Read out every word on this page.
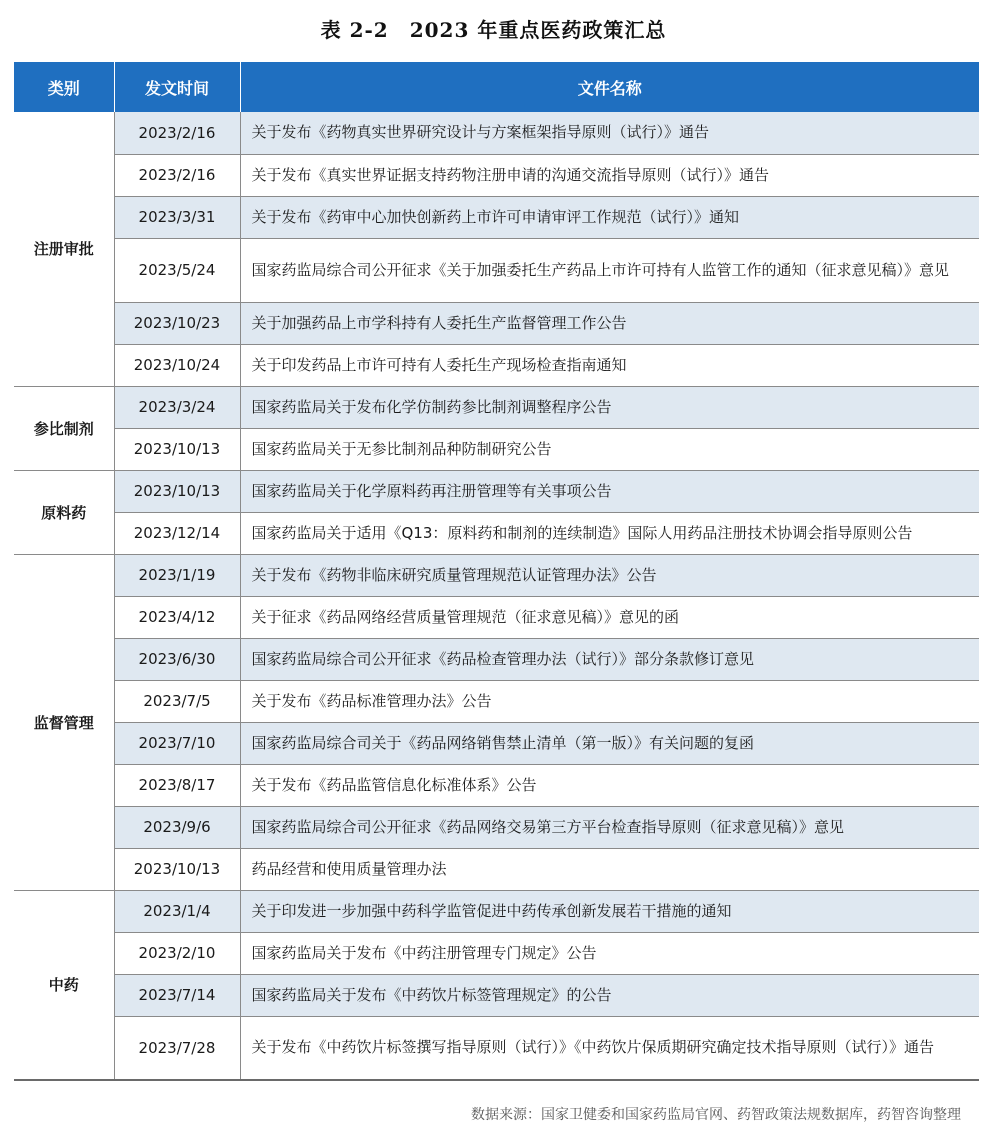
表 2-2　2023 年重点医药政策汇总
类别	发文时间	文件名称
注册审批	2023/2/16	关于发布《药物真实世界研究设计与方案框架指导原则（试行）》通告
	2023/2/16	关于发布《真实世界证据支持药物注册申请的沟通交流指导原则（试行）》通告
	2023/3/31	关于发布《药审中心加快创新药上市许可申请审评工作规范（试行）》通知
	2023/5/24	国家药监局综合司公开征求《关于加强委托生产药品上市许可持有人监管工作的通知（征求意见稿）》意见
	2023/10/23	关于加强药品上市学科持有人委托生产监督管理工作公告
	2023/10/24	关于印发药品上市许可持有人委托生产现场检查指南通知
参比制剂	2023/3/24	国家药监局关于发布化学仿制药参比制剂调整程序公告
	2023/10/13	国家药监局关于无参比制剂品种防制研究公告
原料药	2023/10/13	国家药监局关于化学原料药再注册管理等有关事项公告
	2023/12/14	国家药监局关于适用《Q13：原料药和制剂的连续制造》国际人用药品注册技术协调会指导原则公告
监督管理	2023/1/19	关于发布《药物非临床研究质量管理规范认证管理办法》公告
	2023/4/12	关于征求《药品网络经营质量管理规范（征求意见稿）》意见的函
	2023/6/30	国家药监局综合司公开征求《药品检查管理办法（试行）》部分条款修订意见
	2023/7/5	关于发布《药品标准管理办法》公告
	2023/7/10	国家药监局综合司关于《药品网络销售禁止清单（第一版）》有关问题的复函
	2023/8/17	关于发布《药品监管信息化标准体系》公告
	2023/9/6	国家药监局综合司公开征求《药品网络交易第三方平台检查指导原则（征求意见稿）》意见
	2023/10/13	药品经营和使用质量管理办法
中药	2023/1/4	关于印发进一步加强中药科学监管促进中药传承创新发展若干措施的通知
	2023/2/10	国家药监局关于发布《中药注册管理专门规定》公告
	2023/7/14	国家药监局关于发布《中药饮片标签管理规定》的公告
	2023/7/28	关于发布《中药饮片标签撰写指导原则（试行）》《中药饮片保质期研究确定技术指导原则（试行）》通告
数据来源：国家卫健委和国家药监局官网、药智政策法规数据库，药智咨询整理
